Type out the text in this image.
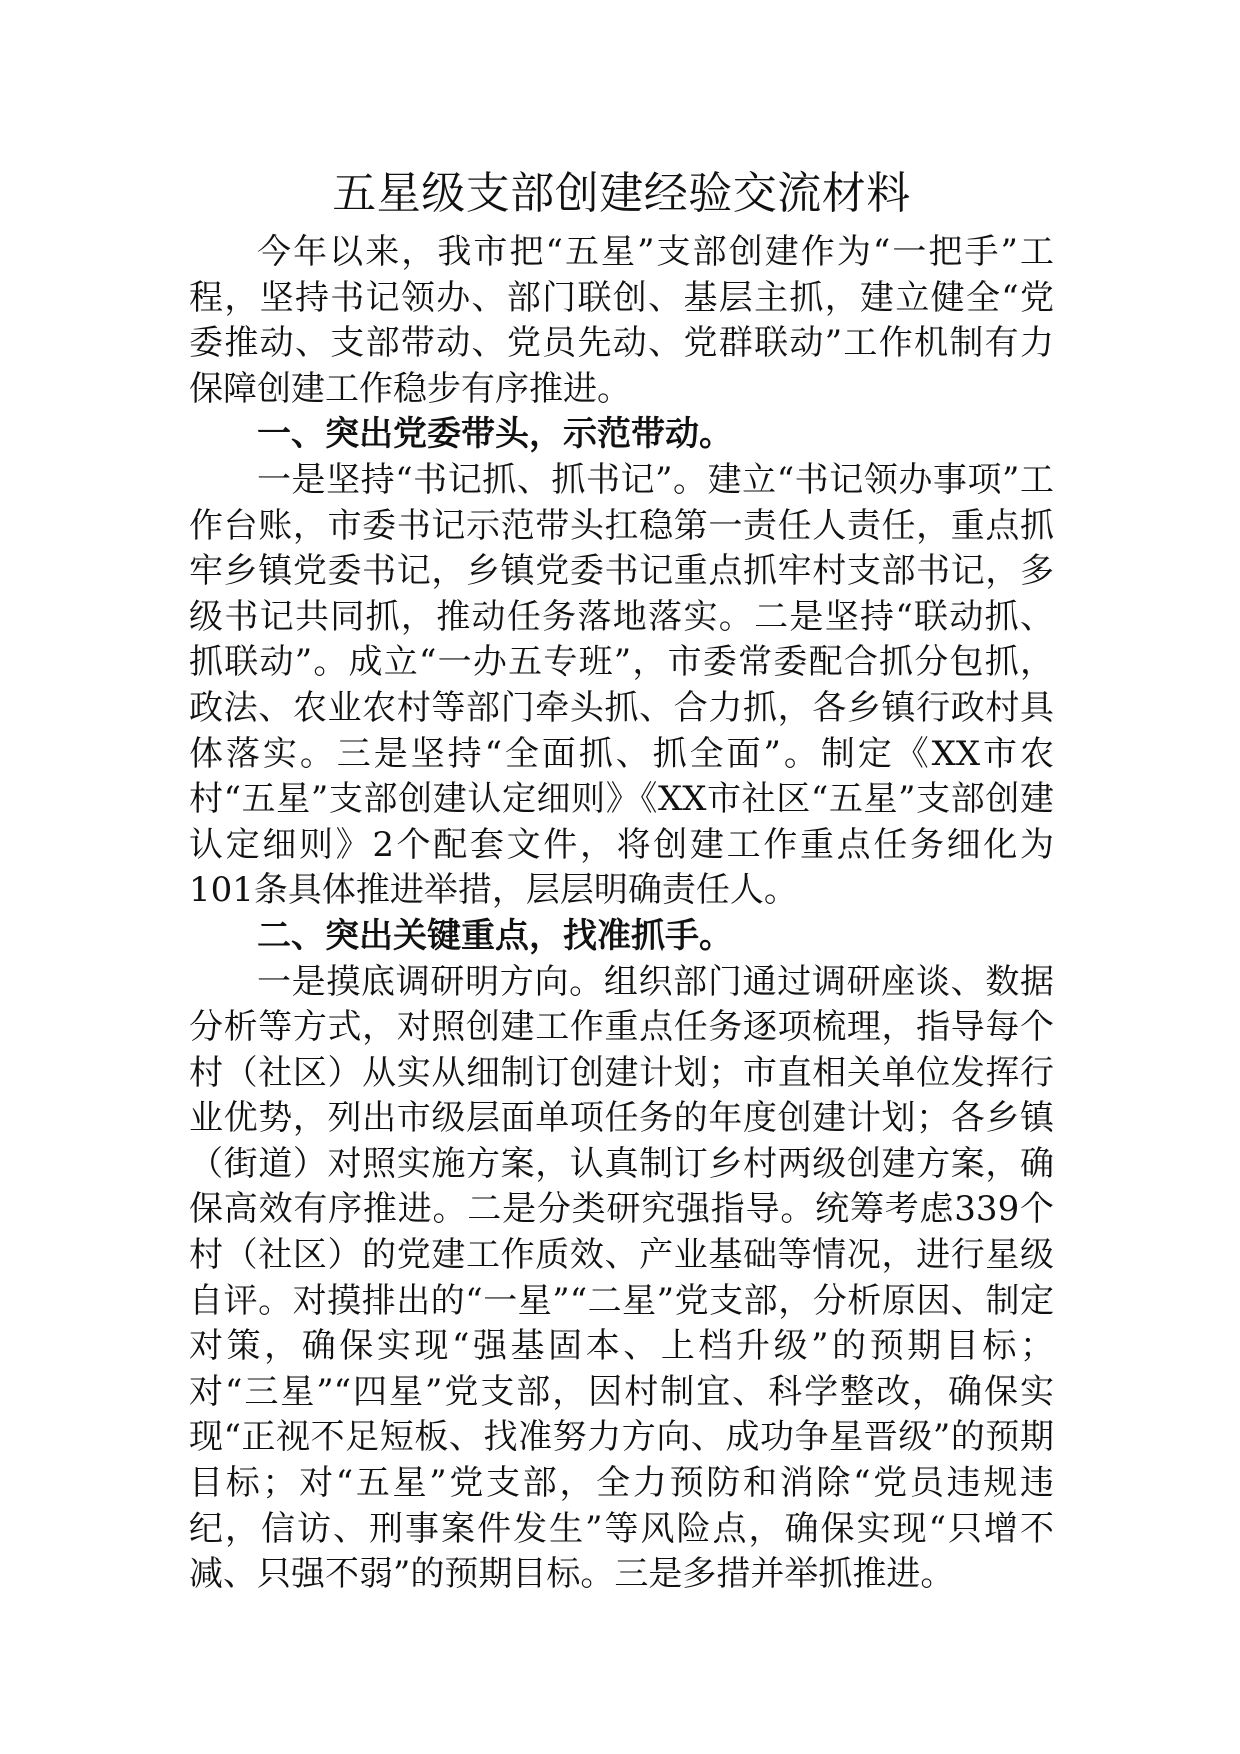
五星级支部创建经验交流材料

今年以来，我市把“五星”支部创建作为“一把手”工程，坚持书记领办、部门联创、基层主抓，建立健全“党委推动、支部带动、党员先动、党群联动”工作机制有力保障创建工作稳步有序推进。

一、突出党委带头，示范带动。

一是坚持“书记抓、抓书记”。建立“书记领办事项”工作台账，市委书记示范带头扛稳第一责任人责任，重点抓牢乡镇党委书记，乡镇党委书记重点抓牢村支部书记，多级书记共同抓，推动任务落地落实。二是坚持“联动抓、抓联动”。成立“一办五专班”，市委常委配合抓分包抓，政法、农业农村等部门牵头抓、合力抓，各乡镇行政村具体落实。三是坚持“全面抓、抓全面”。制定《XX市农村“五星”支部创建认定细则》《XX市社区“五星”支部创建认定细则》2个配套文件，将创建工作重点任务细化为101条具体推进举措，层层明确责任人。

二、突出关键重点，找准抓手。

一是摸底调研明方向。组织部门通过调研座谈、数据分析等方式，对照创建工作重点任务逐项梳理，指导每个村（社区）从实从细制订创建计划；市直相关单位发挥行业优势，列出市级层面单项任务的年度创建计划；各乡镇（街道）对照实施方案，认真制订乡村两级创建方案，确保高效有序推进。二是分类研究强指导。统筹考虑339个村（社区）的党建工作质效、产业基础等情况，进行星级自评。对摸排出的“一星”“二星”党支部，分析原因、制定对策，确保实现“强基固本、上档升级”的预期目标；对“三星”“四星”党支部，因村制宜、科学整改，确保实现“正视不足短板、找准努力方向、成功争星晋级”的预期目标；对“五星”党支部，全力预防和消除“党员违规违纪，信访、刑事案件发生”等风险点，确保实现“只增不减、只强不弱”的预期目标。三是多措并举抓推进。
